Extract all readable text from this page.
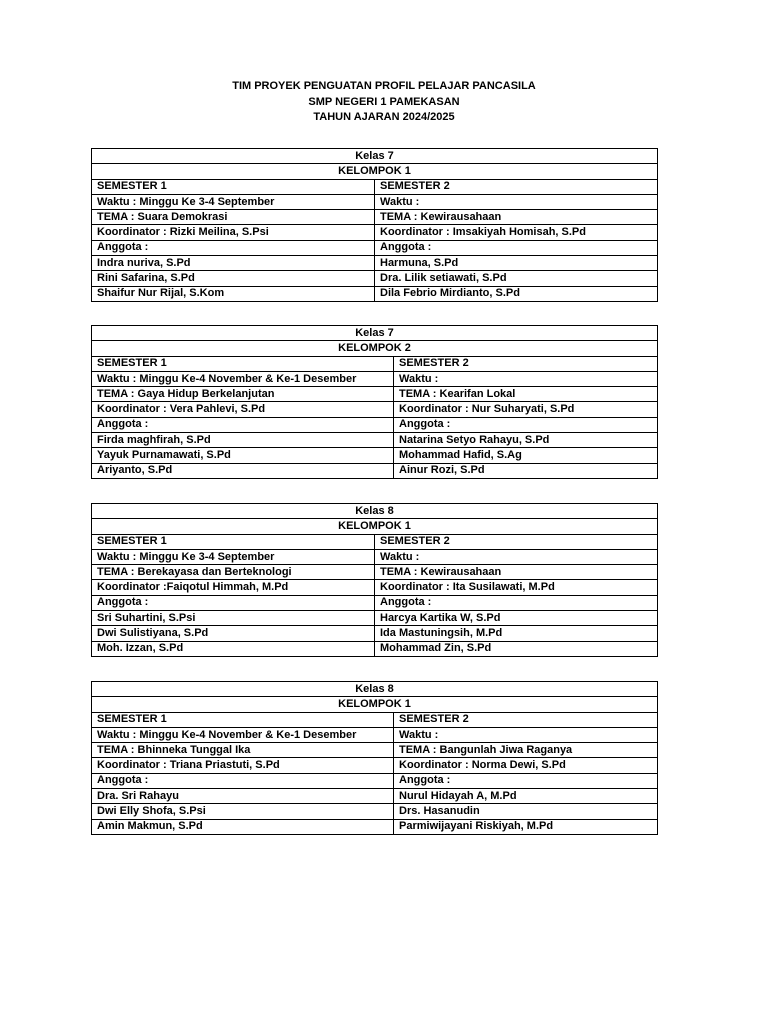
TIM PROYEK PENGUATAN PROFIL PELAJAR PANCASILA
SMP NEGERI 1 PAMEKASAN
TAHUN AJARAN 2024/2025
Kelas 7	
KELOMPOK 1	
SEMESTER 1	SEMESTER 2
Waktu : Minggu Ke 3-4 September	Waktu :
TEMA : Suara Demokrasi	TEMA : Kewirausahaan
Koordinator : Rizki Meilina, S.Psi	Koordinator : Imsakiyah Homisah, S.Pd
Anggota :	Anggota :
Indra nuriva, S.Pd	Harmuna, S.Pd
Rini Safarina, S.Pd	Dra. Lilik setiawati, S.Pd
Shaifur Nur Rijal, S.Kom	Dila Febrio Mirdianto, S.Pd
Kelas 7	
KELOMPOK 2	
SEMESTER 1	SEMESTER 2
Waktu : Minggu Ke-4 November & Ke-1 Desember	Waktu :
TEMA : Gaya Hidup Berkelanjutan	TEMA : Kearifan Lokal
Koordinator : Vera Pahlevi, S.Pd	Koordinator : Nur Suharyati, S.Pd
Anggota :	Anggota :
Firda maghfirah, S.Pd	Natarina Setyo Rahayu, S.Pd
Yayuk Purnamawati, S.Pd	Mohammad Hafid, S.Ag
Ariyanto, S.Pd	Ainur Rozi, S.Pd
Kelas 8	
KELOMPOK 1	
SEMESTER 1	SEMESTER 2
Waktu : Minggu Ke 3-4 September	Waktu :
TEMA : Berekayasa dan Berteknologi	TEMA : Kewirausahaan
Koordinator :Faiqotul Himmah, M.Pd	Koordinator : Ita Susilawati, M.Pd
Anggota :	Anggota :
Sri Suhartini, S.Psi	Harcya Kartika W, S.Pd
Dwi Sulistiyana, S.Pd	Ida Mastuningsih, M.Pd
Moh. Izzan, S.Pd	Mohammad Zin, S.Pd
Kelas 8	
KELOMPOK 1	
SEMESTER 1	SEMESTER 2
Waktu : Minggu Ke-4 November & Ke-1 Desember	Waktu :
TEMA : Bhinneka Tunggal Ika	TEMA : Bangunlah Jiwa Raganya
Koordinator : Triana Priastuti, S.Pd	Koordinator : Norma Dewi, S.Pd
Anggota :	Anggota :
Dra. Sri Rahayu	Nurul Hidayah A, M.Pd
Dwi Elly Shofa, S.Psi	Drs. Hasanudin
Amin Makmun, S.Pd	Parmiwijayani Riskiyah, M.Pd
